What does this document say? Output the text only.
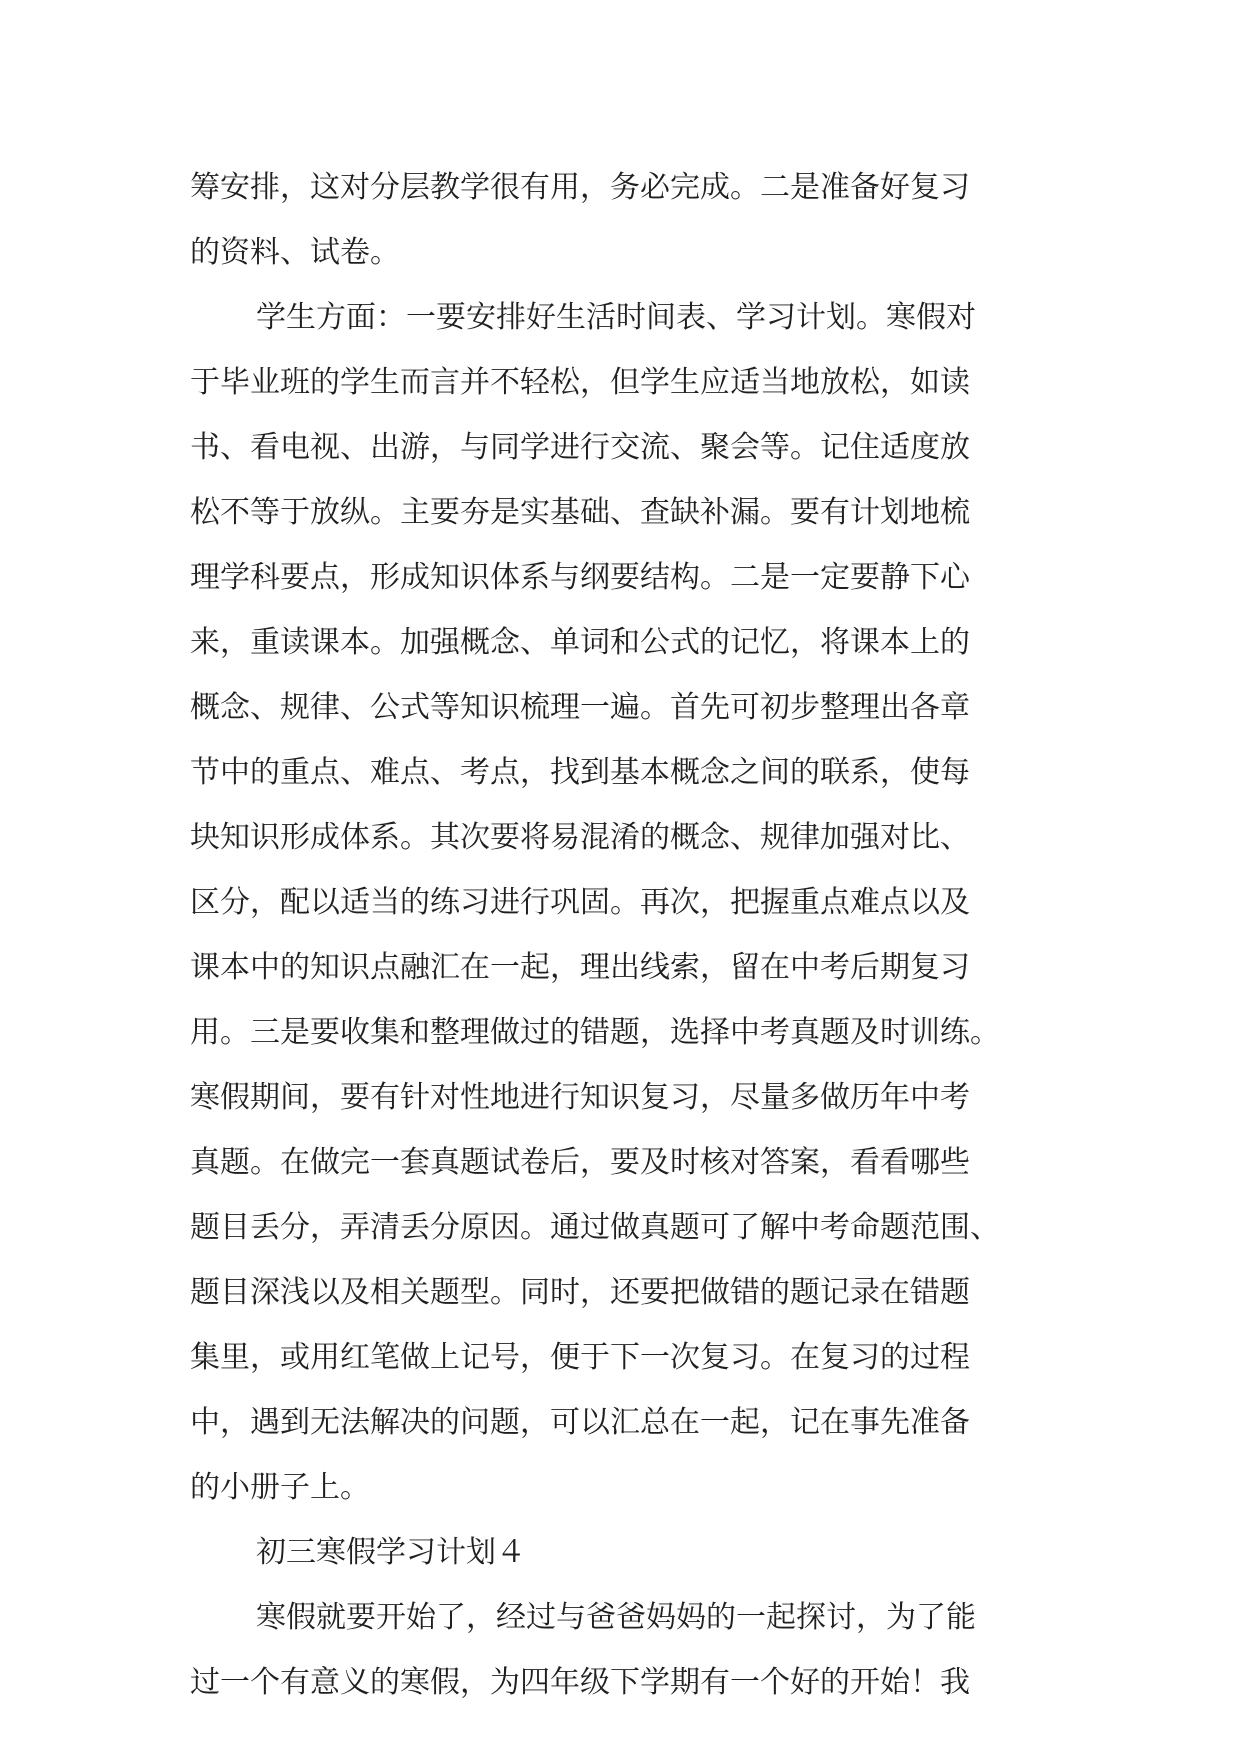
筹安排，这对分层教学很有用，务必完成。二是准备好复习
的资料、试卷。
学生方面：一要安排好生活时间表、学习计划。寒假对
于毕业班的学生而言并不轻松，但学生应适当地放松，如读
书、看电视、出游，与同学进行交流、聚会等。记住适度放
松不等于放纵。主要夯是实基础、查缺补漏。要有计划地梳
理学科要点，形成知识体系与纲要结构。二是一定要静下心
来，重读课本。加强概念、单词和公式的记忆，将课本上的
概念、规律、公式等知识梳理一遍。首先可初步整理出各章
节中的重点、难点、考点，找到基本概念之间的联系，使每
块知识形成体系。其次要将易混淆的概念、规律加强对比、
区分，配以适当的练习进行巩固。再次，把握重点难点以及
课本中的知识点融汇在一起，理出线索，留在中考后期复习
用。三是要收集和整理做过的错题，选择中考真题及时训练。
寒假期间，要有针对性地进行知识复习，尽量多做历年中考
真题。在做完一套真题试卷后，要及时核对答案，看看哪些
题目丢分，弄清丢分原因。通过做真题可了解中考命题范围、
题目深浅以及相关题型。同时，还要把做错的题记录在错题
集里，或用红笔做上记号，便于下一次复习。在复习的过程
中，遇到无法解决的问题，可以汇总在一起，记在事先准备
的小册子上。
初三寒假学习计划４
寒假就要开始了，经过与爸爸妈妈的一起探讨，为了能
过一个有意义的寒假，为四年级下学期有一个好的开始！我
